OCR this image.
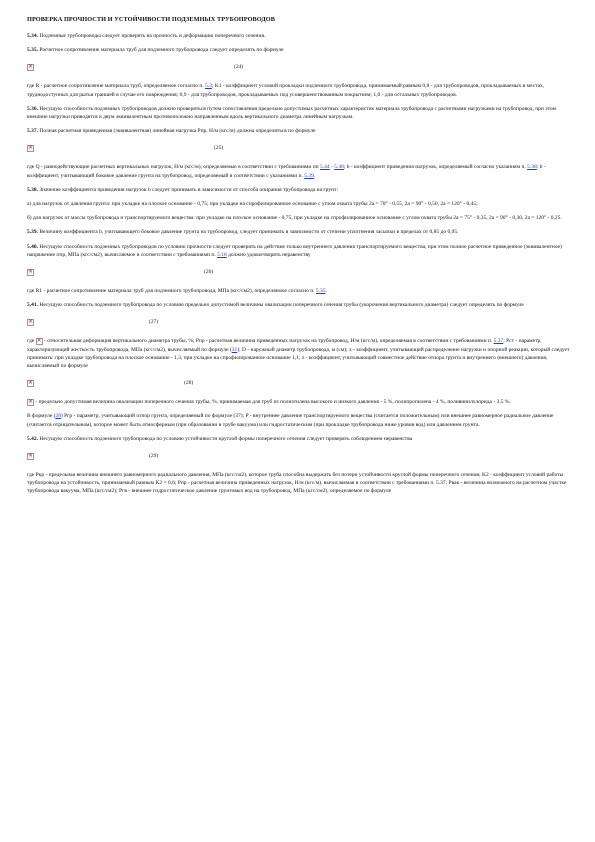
ПРОВЕРКА ПРОЧНОСТИ И УСТОЙЧИВОСТИ ПОДЗЕМНЫХ ТРУБОПРОВОДОВ

5.34. Подземные трубопроводы следует проверять на прочность и деформацию поперечного сечения.

5.35. Расчетное сопротивление материала труб для подземного трубопровода следует определять по формуле

×	(24)

где R - расчетное сопротивление материала труб, определяемое согласно п. 5.3; K1 - коэффициент условий прокладки подземного трубопровода, принимаемый равным 0,8 - для трубопроводов, прокладываемых в местах, труднодоступных для рытья траншей в случае его повреждения; 0,9 - для трубопроводов, прокладываемых под усовершенствованным покрытием; 1,0 - для остальных трубопроводов.

5.36. Несущую способность подземных трубопроводов должно проверяться путем сопоставления предельно допустимых расчетных характеристик материала трубопровода с расчетными нагрузками на трубопровод, при этом внешние нагрузки приводятся к двум эквивалентным противоположно направленным вдоль вертикального диаметра линейным нагрузкам.

5.37. Полная расчетная приведенная (эквивалентная) линейная нагрузка Рпр, Н/м (кгс/м) должна определяться по формуле

×	(25)

где Q - равнодействующие расчетных вертикальных нагрузок, Н/м (кгс/м), определяемые в соответствии с требованиями пп 5.44 - 5.48; b - коэффициент приведения нагрузок, определяемый согласно указаниям п. 5.38; b - коэффициент, учитывающий боковое давление грунта на трубопровод, определяемый в соответствии с указаниями п. 5.39.

5.38. Значение коэффициента приведения нагрузок b следует принимать в зависимости от способа опирания трубопровода на грунт:

а) для нагрузок от давления грунта: при укладке на плоское основание - 0,75; при укладке на спрофилированное основание с углом охвата трубы 2a = 70° - 0,55, 2a = 90° - 0,50, 2a = 120° - 0,45;

б) для нагрузок от массы трубопровода и транспортируемого вещества: при укладке на плоское основание - 0,75, при укладке на спрофилированное основание с углом охвата трубы 2a = 75° - 0,35, 2a = 90° - 0,30, 2a = 120° - 0,25.

5.39. Величину коэффициента b, учитывающего боковое давление грунта на трубопровод, следует принимать в зависимости от степени уплотнения засыпки в пределах от 0,85 до 0,95.

5.40. Несущую способность подземных трубопроводов по условию прочности следует проверять на действие только внутреннего давления транспортируемого вещества, при этом полное расчетное приведенное (эквивалентное) напряжение σпр, МПа (кгс/см2), вычисляемое в соответствии с требованиями п. 5.18 должно удовлетворять неравенству

×	(26)

где R1 - расчетное сопротивление материала труб для подземного трубопровода, МПа (кгс/см2), определяемое согласно п. 5.35.

5.41. Несущую способность подземного трубопровода по условию предельно допустимой величины овализации поперечного сечения трубы (укорочения вертикального диаметра) следует определять по формуле

×	(27)

где × - относительная деформация вертикального диаметра трубы, %; Рпр - расчетная величина приведенных нагрузок на трубопровод, Н/м (кгс/м), определяемая в соответствии с требованиями п. 5.37; Рст - параметр, характеризующий жесткость трубопровода, МПа (кгс/см2), вычисляемый по формуле (31); D - наружный диаметр трубопровода, м (см); x - коэффициент, учитывающий распределение нагрузки и опорной реакции, который следует принимать: при укладке трубопровода на плоское основание - 1,3, при укладке на спрофилированное основание 1,1; z - коэффициент, учитывающий совместное действие отпора грунта и внутреннего (внешнего) давления, вычисляемый по формуле

×	(28)

× - предельно допустимая величина овализации поперечного сечения трубы, %, принимаемая для труб из полиэтилена высокого и низкого давления - 5 %, полипропилена - 4 %, поливинилхлорида - 3,5 %.

В формуле (28) Pгр - параметр, учитывающий отпор грунта, определяемый по формуле (37); P - внутреннее давление транспортируемого вещества (считается положительным) или внешнее равномерное радиальное давление (считается отрицательным), которое может быть атмосферным (при образовании в трубе вакуума) или гидростатическим (при прокладке трубопровода ниже уровня вод) или давлением грунта.

5.42. Несущую способность подземного трубопровода по условию устойчивости круглой формы поперечного сечения следует проверять соблюдением неравенства

×	(29)

где Pкр - предельная величина внешнего равномерного радиального давления, МПа (кгс/см2), которое труба способна выдержать без потери устойчивости круглой формы поперечного сечения; K2 - коэффициент условий работы трубопровода на устойчивость, принимаемый равным K2 = 0,6; Pпр - расчетная величина приведенных нагрузок, Н/м (кгс/м), вычисляемая в соответствии с требованиями п. 5.37; Рвак - величина возможного на расчетном участке трубопровода вакуума, МПа (кгс/см2); Ргв - внешнее гидростатическое давление грунтовых вод на трубопровод, МПа (кгс/см2), определяемое по формуле
